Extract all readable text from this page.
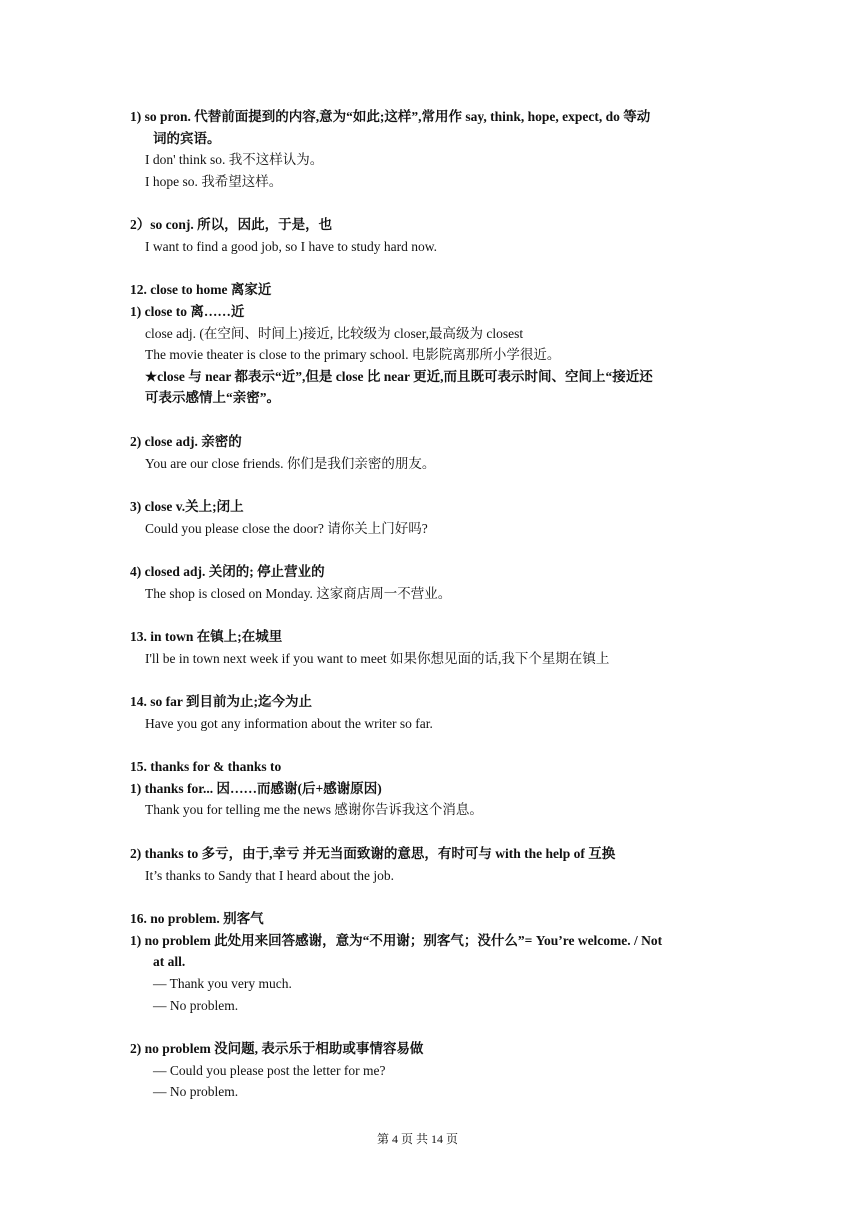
1) so pron. 代替前面提到的内容,意为“如此;这样”,常用作 say, think, hope, expect, do 等动
词的宾语。
I don' think so. 我不这样认为。
I hope so. 我希望这样。
2）so conj. 所以，因此，于是，也
I want to find a good job, so I have to study hard now.
12. close to home 离家近
1) close to 离……近
close adj. (在空间、时间上)接近, 比较级为 closer,最高级为 closest
The movie theater is close to the primary school. 电影院离那所小学很近。
★close 与 near 都表示“近”,但是 close 比 near 更近,而且既可表示时间、空间上“接近还
可表示感情上“亲密”。
2) close adj. 亲密的
You are our close friends. 你们是我们亲密的朋友。
3) close v.关上;闭上
Could you please close the door? 请你关上门好吗?
4) closed adj. 关闭的; 停止营业的
The shop is closed on Monday. 这家商店周一不营业。
13. in town 在镇上;在城里
I'll be in town next week if you want to meet 如果你想见面的话,我下个星期在镇上
14. so far 到目前为止;迄今为止
Have you got any information about the writer so far.
15. thanks for & thanks to
1) thanks for... 因……而感谢(后+感谢原因)
Thank you for telling me the news 感谢你告诉我这个消息。
2) thanks to 多亏，由于,幸亏 并无当面致谢的意思，有时可与 with the help of 互换
It’s thanks to Sandy that I heard about the job.
16. no problem. 别客气
1) no problem 此处用来回答感谢，意为“不用谢；别客气；没什么”= You’re welcome. / Not
at all.
— Thank you very much.
— No problem.
2) no problem 没问题, 表示乐于相助或事情容易做
— Could you please post the letter for me?
— No problem.
第 4 页 共 14 页
